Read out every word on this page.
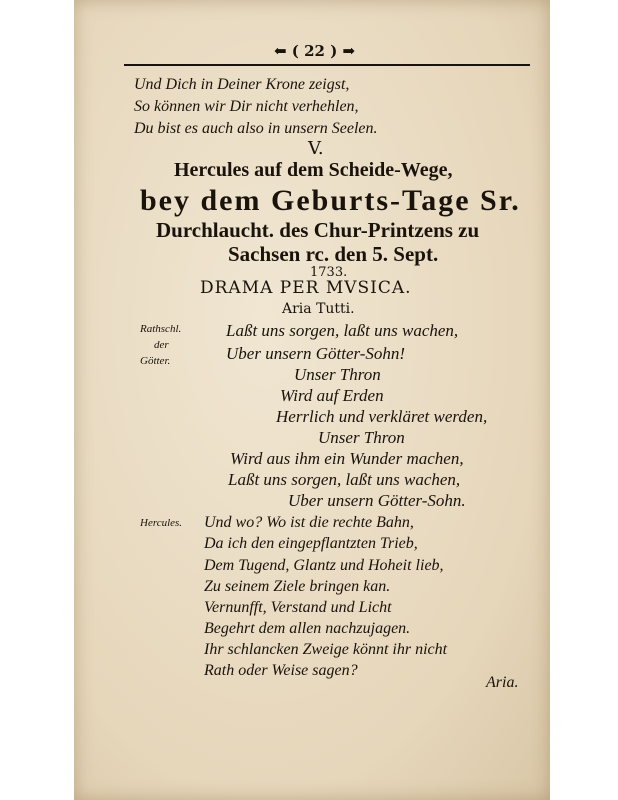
⬅ ( 22 ) ➡
Und Dich in Deiner Krone zeigst,
So können wir Dir nicht verhehlen,
Du bist es auch also in unsern Seelen.
V.
Hercules auf dem Scheide-Wege,
bey dem Geburts-Tage Sr.
Durchlaucht. des Chur-Printzens zu
Sachsen rc. den 5. Sept.
1733.
DRAMA PER MVSICA.
Aria Tutti.
Rathschl.
der
Götter.
Laßt uns sorgen, laßt uns wachen,
Uber unsern Götter-Sohn!
Unser Thron
Wird auf Erden
Herrlich und verkläret werden,
Unser Thron
Wird aus ihm ein Wunder machen,
Laßt uns sorgen, laßt uns wachen,
Uber unsern Götter-Sohn.
Hercules. Und wo? Wo ist die rechte Bahn,
Da ich den eingepflantzten Trieb,
Dem Tugend, Glantz und Hoheit lieb,
Zu seinem Ziele bringen kan.
Vernunfft, Verstand und Licht
Begehrt dem allen nachzujagen.
Ihr schlancken Zweige könnt ihr nicht
Rath oder Weise sagen?
Aria.
